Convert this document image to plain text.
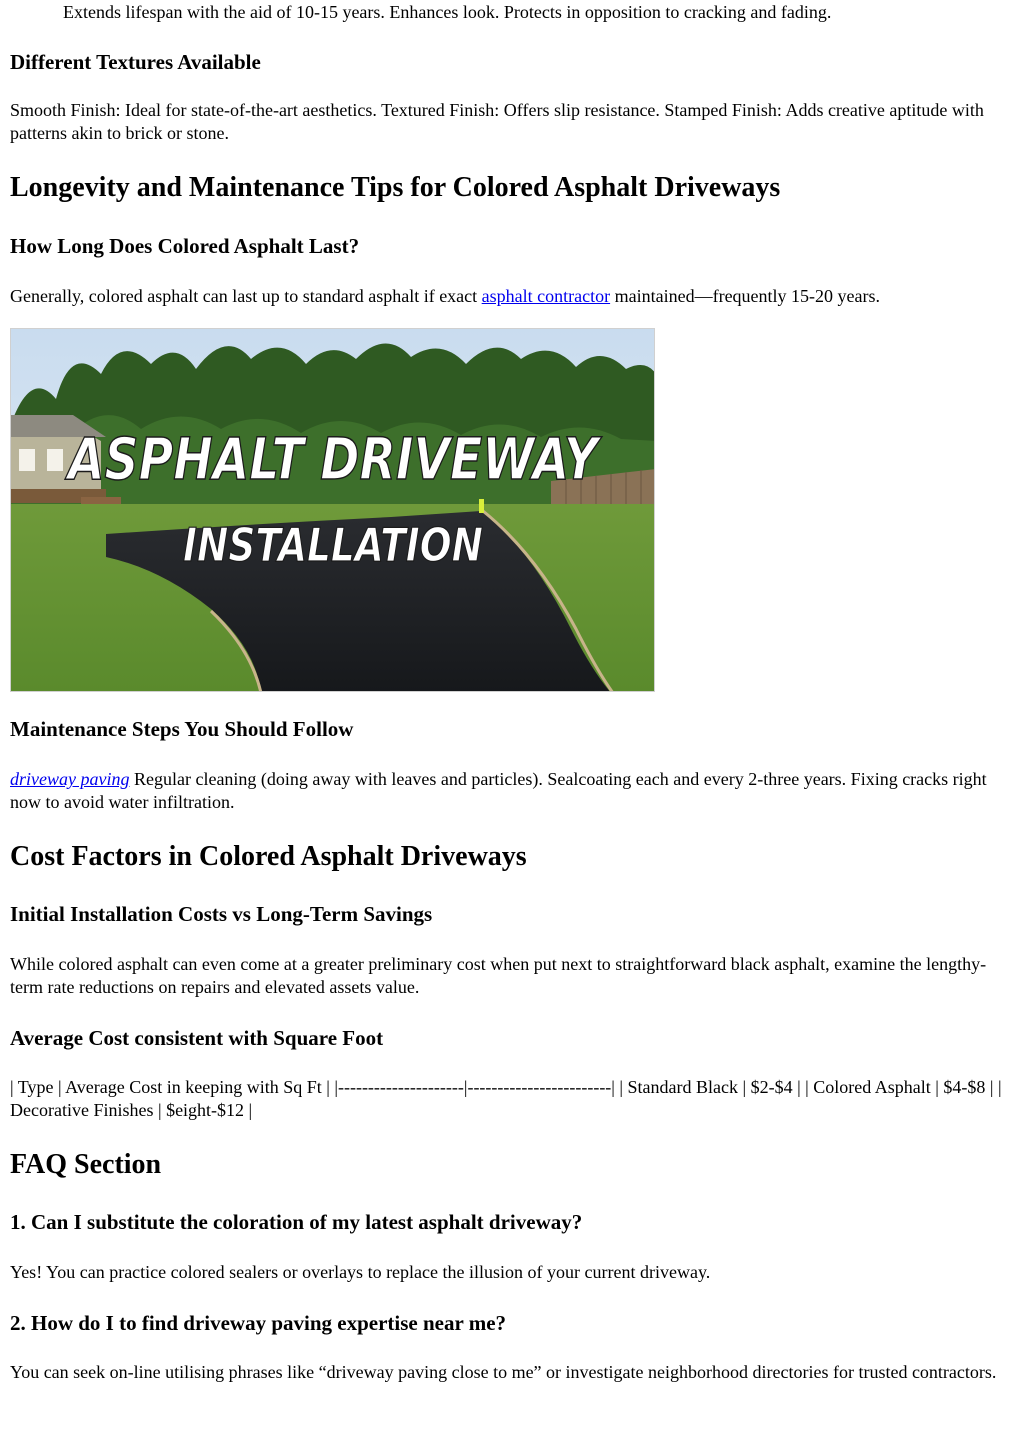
Extends lifespan with the aid of 10-15 years. Enhances look. Protects in opposition to cracking and fading.

Different Textures Available

Smooth Finish: Ideal for state-of-the-art aesthetics. Textured Finish: Offers slip resistance. Stamped Finish: Adds creative aptitude with patterns akin to brick or stone.

Longevity and Maintenance Tips for Colored Asphalt Driveways
How Long Does Colored Asphalt Last?

Generally, colored asphalt can last up to standard asphalt if exact asphalt contractor maintained—frequently 15-20 years.

ASPHALT DRIVEWAY
INSTALLATION
Maintenance Steps You Should Follow

driveway paving Regular cleaning (doing away with leaves and particles). Sealcoating each and every 2-three years. Fixing cracks right now to avoid water infiltration.

Cost Factors in Colored Asphalt Driveways
Initial Installation Costs vs Long-Term Savings

While colored asphalt can even come at a greater preliminary cost when put next to straightforward black asphalt, examine the lengthy-term rate reductions on repairs and elevated assets value.

Average Cost consistent with Square Foot

| Type | Average Cost in keeping with Sq Ft | |---------------------|------------------------| | Standard Black | $2-$4 | | Colored Asphalt | $4-$8 | | Decorative Finishes | $eight-$12 |

FAQ Section
1. Can I substitute the coloration of my latest asphalt driveway?

Yes! You can practice colored sealers or overlays to replace the illusion of your current driveway.

2. How do I to find driveway paving expertise near me?

You can seek on-line utilising phrases like “driveway paving close to me” or investigate neighborhood directories for trusted contractors.
